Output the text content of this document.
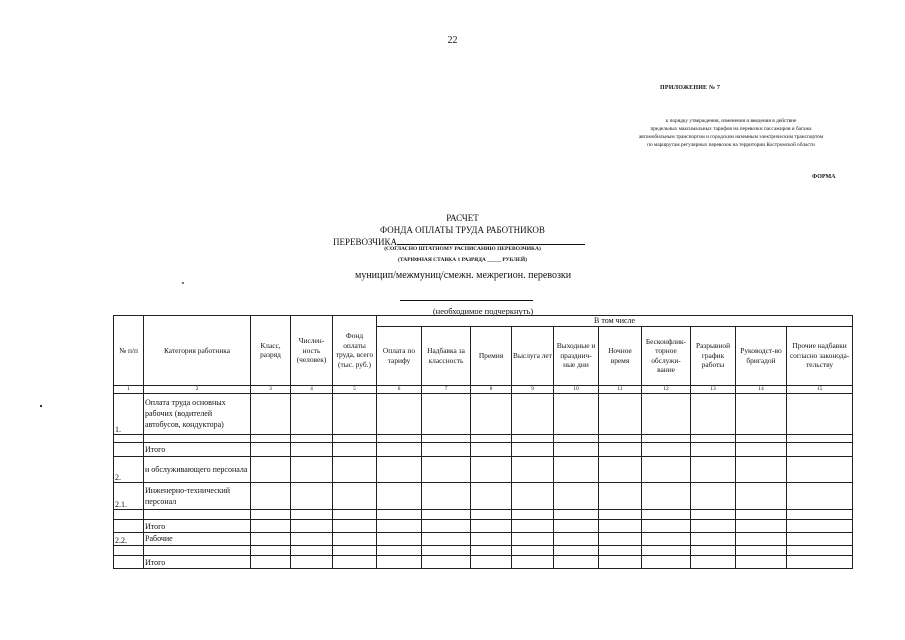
22
ПРИЛОЖЕНИЕ № 7
к порядку утверждения, изменения и введения в действие
предельных максимальных тарифов на перевозки пассажиров и багажа
автомобильным транспортом и городским наземным электрическим транспортом
по маршрутам регулярных перевозок на территории Костромской области
ФОРМА
РАСЧЕТ
ФОНДА ОПЛАТЫ ТРУДА РАБОТНИКОВ
ПЕРЕВОЗЧИКА
(СОГЛАСНО ШТАТНОМУ РАСПИСАНИЮ ПЕРЕВОЗЧИКА)
(ТАРИФНАЯ СТАВКА 1 РАЗРЯДА _____ РУБЛЕЙ)
муницип/межмуниц/смежн. межрегион. перевозки
(необходимое подчеркнуть)
№ п/п	Категория работника	Класс, разряд	Числен-ность (человек)	Фонд оплаты труда, всего (тыс. руб.)	В том числе									
					Оплата по тарифу	Надбавка за классность	Премия	Выслуга лет	Выходные и празднич-ные дни	Ночное время	Бесконфлик-торное обслужи-вание	Разрывной график работы	Руководст-во бригадой	Прочие надбавки согласно законода-тельству
1	2	3	4	5	6	7	8	9	10	11	12	13	14	15
1.	Оплата труда основных рабочих (водителей автобусов, кондуктора)													

	Итого													
2.	и обслуживающего персонала													
2.1.	Инженерно-технический персонал													

	Итого													
2.2.	Рабочие													

	Итого													
